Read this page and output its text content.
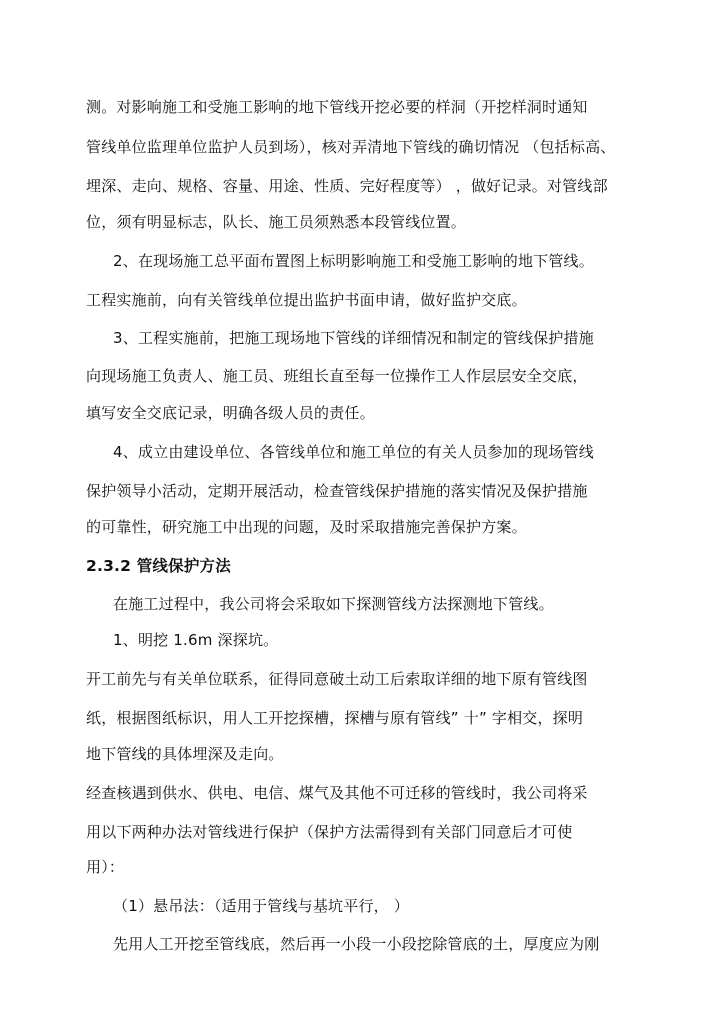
测。对影响施工和受施工影响的地下管线开挖必要的样洞（开挖样洞时通知
管线单位监理单位监护人员到场），核对弄清地下管线的确切情况 （包括标高、
埋深、走向、规格、容量、用途、性质、完好程度等） ，做好记录。对管线部
位，须有明显标志，队长、施工员须熟悉本段管线位置。
2、在现场施工总平面布置图上标明影响施工和受施工影响的地下管线。
工程实施前，向有关管线单位提出监护书面申请，做好监护交底。
3、工程实施前，把施工现场地下管线的详细情况和制定的管线保护措施
向现场施工负责人、施工员、班组长直至每一位操作工人作层层安全交底，
填写安全交底记录，明确各级人员的责任。
4、成立由建设单位、各管线单位和施工单位的有关人员参加的现场管线
保护领导小活动，定期开展活动，检查管线保护措施的落实情况及保护措施
的可靠性，研究施工中出现的问题，及时采取措施完善保护方案。
2.3.2 管线保护方法
在施工过程中，我公司将会采取如下探测管线方法探测地下管线。
1、明挖 1.6m 深探坑。
开工前先与有关单位联系，征得同意破土动工后索取详细的地下原有管线图
纸，根据图纸标识，用人工开挖探槽，探槽与原有管线” 十” 字相交，探明
地下管线的具体埋深及走向。
经查核遇到供水、供电、电信、煤气及其他不可迁移的管线时，我公司将采
用以下两种办法对管线进行保护（保护方法需得到有关部门同意后才可使
用）：
（1）悬吊法：（适用于管线与基坑平行， ）
先用人工开挖至管线底，然后再一小段一小段挖除管底的土，厚度应为刚
